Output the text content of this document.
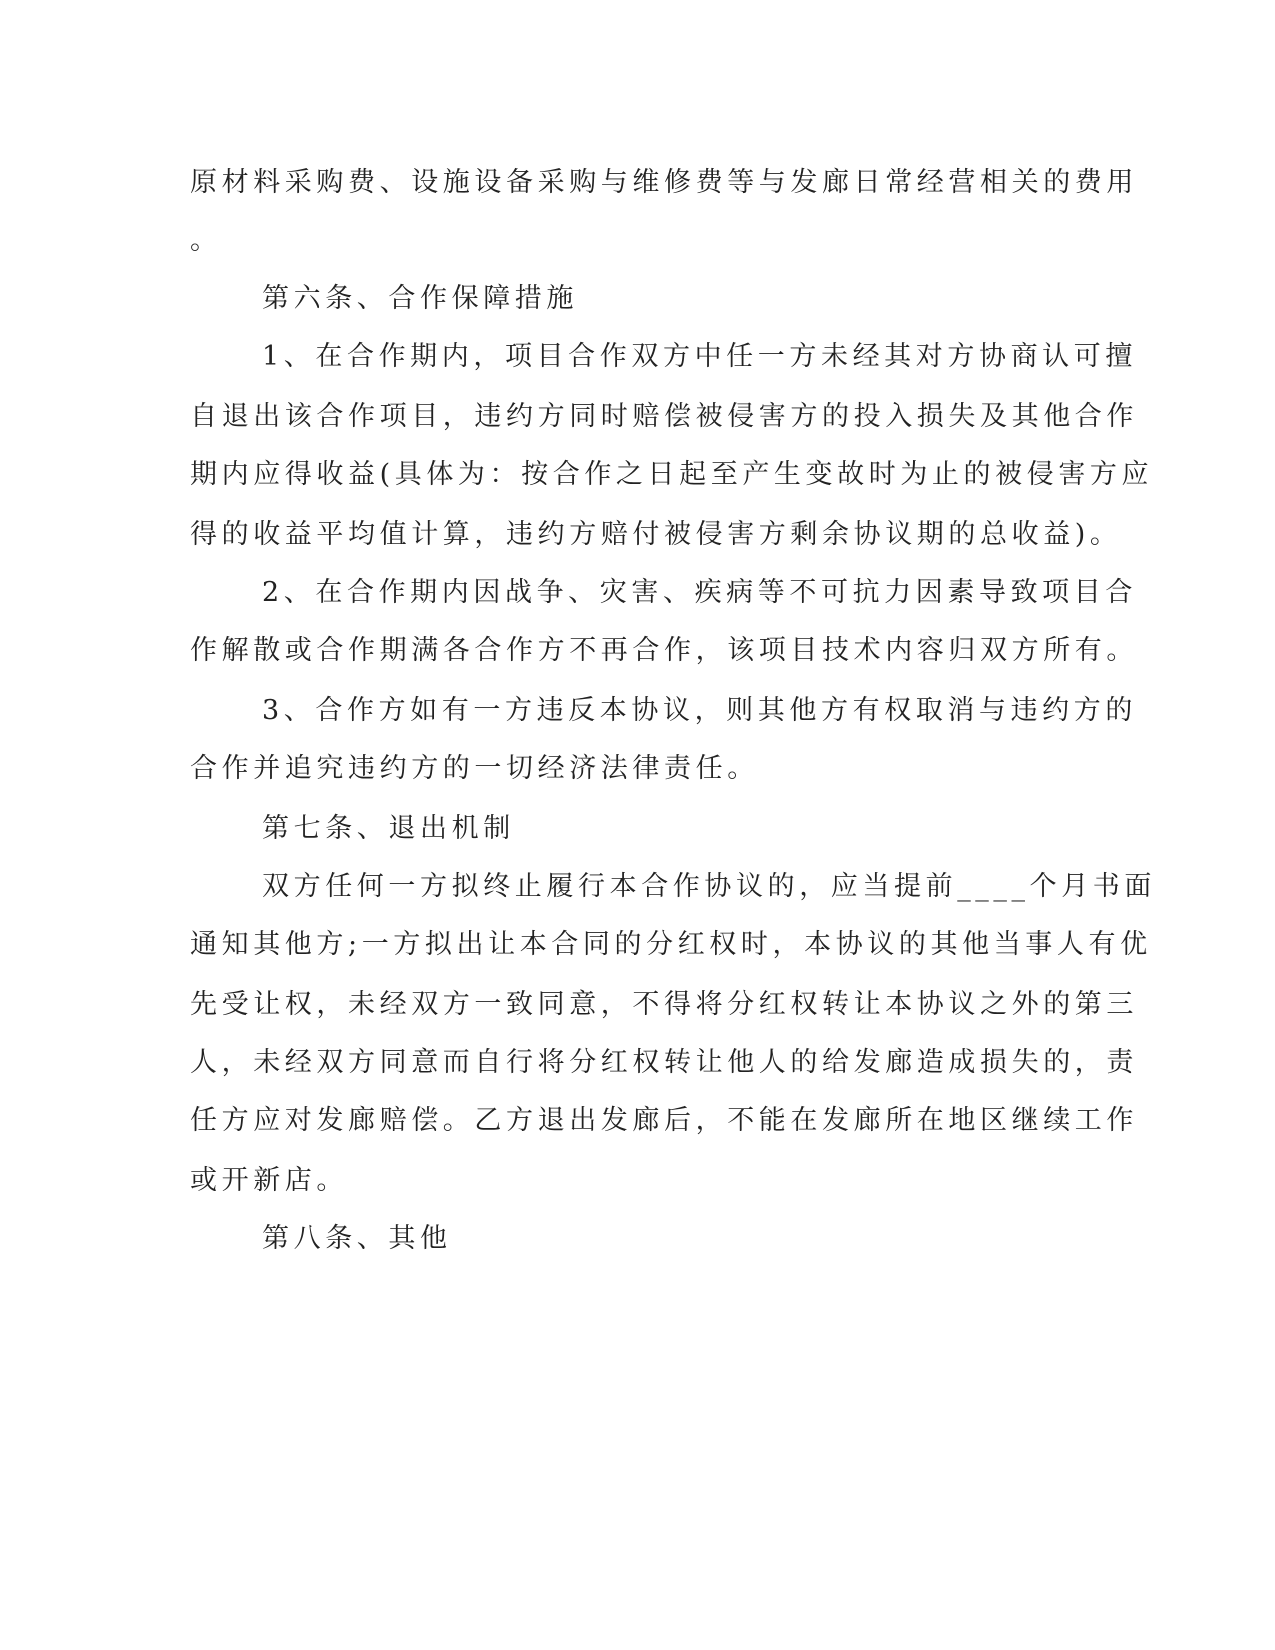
原材料采购费、设施设备采购与维修费等与发廊日常经营相关的费用
。
第六条、合作保障措施
1、在合作期内，项目合作双方中任一方未经其对方协商认可擅
自退出该合作项目，违约方同时赔偿被侵害方的投入损失及其他合作
期内应得收益(具体为：按合作之日起至产生变故时为止的被侵害方应
得的收益平均值计算，违约方赔付被侵害方剩余协议期的总收益)。
2、在合作期内因战争、灾害、疾病等不可抗力因素导致项目合
作解散或合作期满各合作方不再合作，该项目技术内容归双方所有。
3、合作方如有一方违反本协议，则其他方有权取消与违约方的
合作并追究违约方的一切经济法律责任。
第七条、退出机制
双方任何一方拟终止履行本合作协议的，应当提前____个月书面
通知其他方;一方拟出让本合同的分红权时，本协议的其他当事人有优
先受让权，未经双方一致同意，不得将分红权转让本协议之外的第三
人，未经双方同意而自行将分红权转让他人的给发廊造成损失的，责
任方应对发廊赔偿。乙方退出发廊后，不能在发廊所在地区继续工作
或开新店。
第八条、其他
